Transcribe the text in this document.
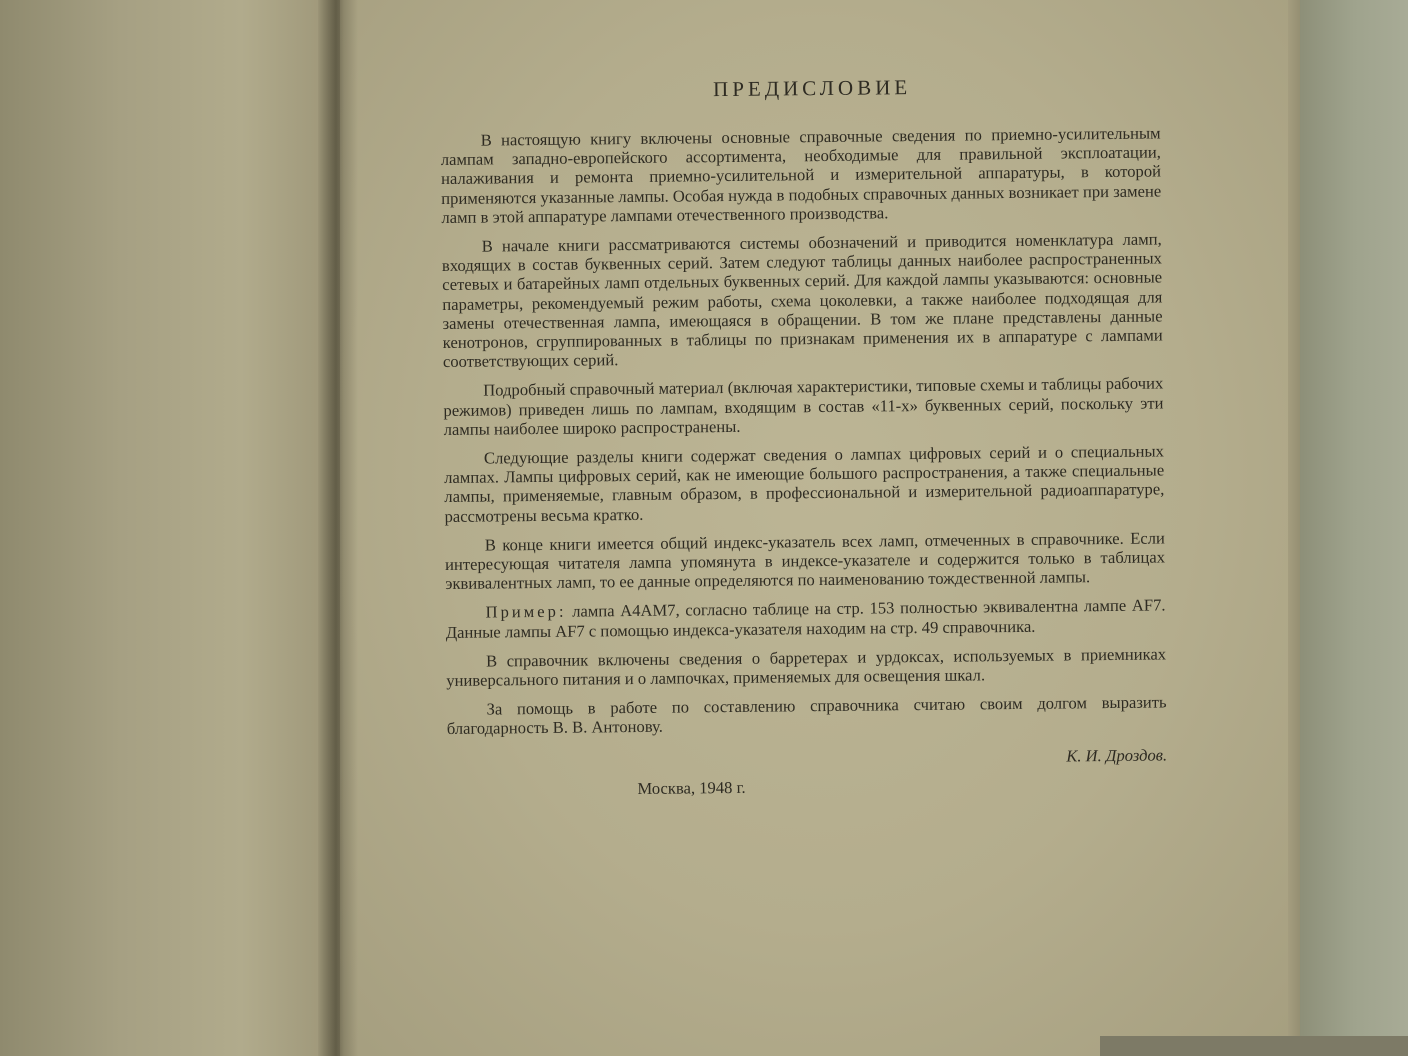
ПРЕДИСЛОВИЕ

В настоящую книгу включены основные справочные сведения по приемно-усилительным лампам западно-европейского ассортимента, необходимые для правильной эксплоатации, налаживания и ремонта приемно-усилительной и измерительной аппаратуры, в которой применяются указанные лампы. Особая нужда в подобных справочных данных возникает при замене ламп в этой аппаратуре лампами отечественного производства.

В начале книги рассматриваются системы обозначений и приводится номенклатура ламп, входящих в состав буквенных серий. Затем следуют таблицы данных наиболее распространенных сетевых и батарейных ламп отдельных буквенных серий. Для каждой лампы указываются: основные параметры, рекомендуемый режим работы, схема цоколевки, а также наиболее подходящая для замены отечественная лампа, имеющаяся в обращении. В том же плане представлены данные кенотронов, сгруппированных в таблицы по признакам применения их в аппаратуре с лампами соответствующих серий.

Подробный справочный материал (включая характеристики, типовые схемы и таблицы рабочих режимов) приведен лишь по лампам, входящим в состав «11-х» буквенных серий, поскольку эти лампы наиболее широко распространены.

Следующие разделы книги содержат сведения о лампах цифровых серий и о специальных лампах. Лампы цифровых серий, как не имеющие большого распространения, а также специальные лампы, применяемые, главным образом, в профессиональной и измерительной радиоаппаратуре, рассмотрены весьма кратко.

В конце книги имеется общий индекс-указатель всех ламп, отмеченных в справочнике. Если интересующая читателя лампа упомянута в индексе-указателе и содержится только в таблицах эквивалентных ламп, то ее данные определяются по наименованию тождественной лампы.

Пример: лампа А4АМ7, согласно таблице на стр. 153 полностью эквивалентна лампе AF7. Данные лампы AF7 с помощью индекса-указателя находим на стр. 49 справочника.

В справочник включены сведения о барретерах и урдоксах, используемых в приемниках универсального питания и о лампочках, применяемых для освещения шкал.

За помощь в работе по составлению справочника считаю своим долгом выразить благодарность В. В. Антонову.

К. И. Дроздов.

Москва, 1948 г.
